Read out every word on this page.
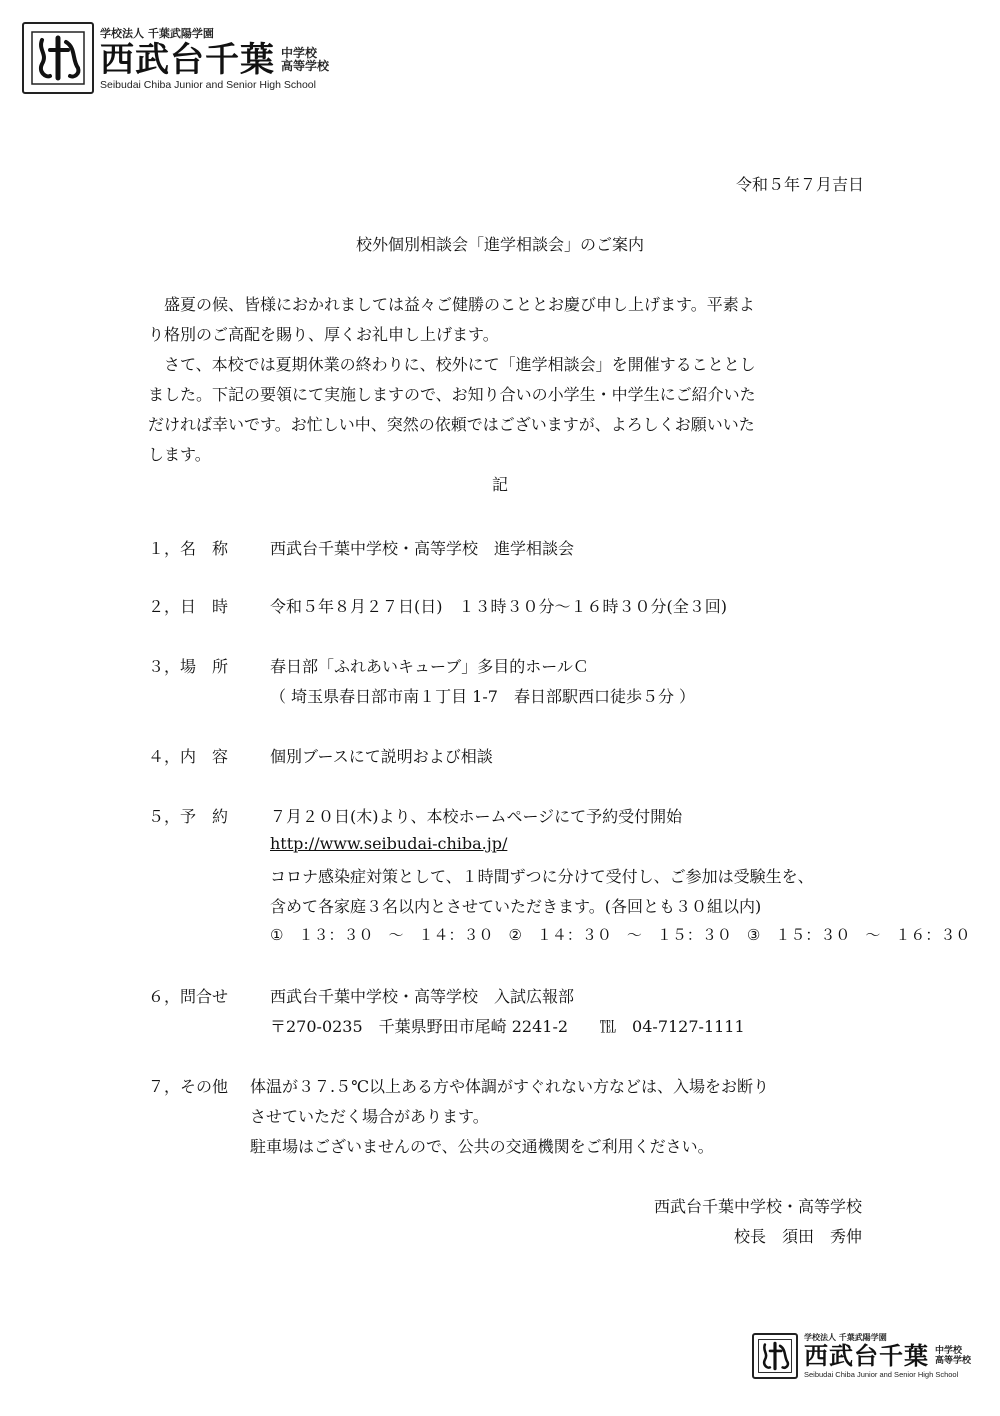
学校法人 千葉武陽学園
西武台千葉 中学校
高等学校
Seibudai Chiba Junior and Senior High School
令和５年７月吉日
校外個別相談会「進学相談会」のご案内
盛夏の候、皆様におかれましては益々ご健勝のこととお慶び申し上げます。平素よ
り格別のご高配を賜り、厚くお礼申し上げます。
さて、本校では夏期休業の終わりに、校外にて「進学相談会」を開催することとし
ました。下記の要領にて実施しますので、お知り合いの小学生・中学生にご紹介いた
だければ幸いです。お忙しい中、突然の依頼ではございますが、よろしくお願いいた
します。
記
１，名　称	西武台千葉中学校・高等学校　進学相談会
２，日　時	令和５年８月２７日(日)　１３時３０分～１６時３０分(全３回)
３，場　所	春日部「ふれあいキューブ」多目的ホールＣ
（ 埼玉県春日部市南１丁目 1-7　春日部駅西口徒歩５分 ）
４，内　容	個別ブースにて説明および相談
５，予　約	７月２０日(木)より、本校ホームページにて予約受付開始
http://www.seibudai-chiba.jp/
コロナ感染症対策として、１時間ずつに分けて受付し、ご参加は受験生を、
含めて各家庭３名以内とさせていただきます。(各回とも３０組以内)
①　１３：３０　～　１４：３０　②　１４：３０　～　１５：３０　③　１５：３０　～　１６：３０
６，問合せ	西武台千葉中学校・高等学校　入試広報部
〒270-0235　千葉県野田市尾崎 2241-2　　℡　04-7127-1111
７，その他 体温が３７.５℃以上ある方や体調がすぐれない方などは、入場をお断り
させていただく場合があります。
駐車場はございませんので、公共の交通機関をご利用ください。
西武台千葉中学校・高等学校
校長　須田　秀伸
学校法人 千葉武陽学園
西武台千葉 中学校
高等学校
Seibudai Chiba Junior and Senior High School
